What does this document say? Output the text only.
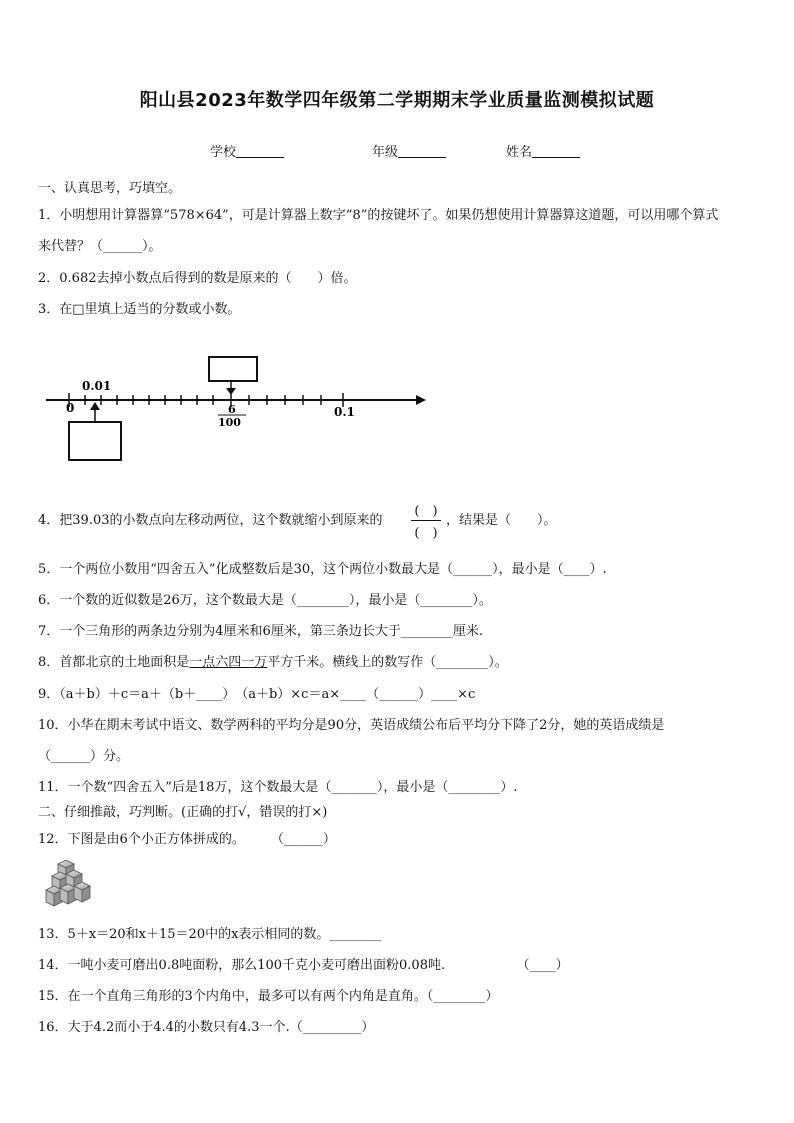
阳山县2023年数学四年级第二学期期末学业质量监测模拟试题
学校	年级	姓名
一、认真思考，巧填空。
1．小明想用计算器算“578×64”，可是计算器上数字“8”的按键坏了。如果仍想使用计算器算这道题，可以用哪个算式
来代替？（______）。
2．0.682去掉小数点后得到的数是原来的（　　）倍。
3．在□里填上适当的分数或小数。
0
0.01
6
100
0.1
4．把39.03的小数点向左移动两位，这个数就缩小到原来的
(　)
(　)
，结果是（　　）。
5．一个两位小数用“四舍五入”化成整数后是30，这个两位小数最大是（______），最小是（____）.
6．一个数的近似数是26万，这个数最大是（________），最小是（________）。
7．一个三角形的两条边分别为4厘米和6厘米，第三条边长大于________厘米.
8．首都北京的土地面积是一点六四一万平方千米。横线上的数写作（________）。
9．（a＋b）＋c＝a＋（b＋____）　（a＋b）×c＝a×____（______）____×c
10．小华在期末考试中语文、数学两科的平均分是90分，英语成绩公布后平均分下降了2分，她的英语成绩是
（______）分。
11．一个数“四舍五入”后是18万，这个数最大是（_______），最小是（________）.
二、仔细推敲，巧判断。(正确的打√，错误的打×)
12．下图是由6个小正方体拼成的。　　　（______）
13．5＋x＝20和x＋15＝20中的x表示相同的数。________
14．一吨小麦可磨出0.8吨面粉，那么100千克小麦可磨出面粉0.08吨.　　　　　　（____）
15．在一个直角三角形的3个内角中，最多可以有两个内角是直角。（________）
16．大于4.2而小于4.4的小数只有4.3一个.（_________）
